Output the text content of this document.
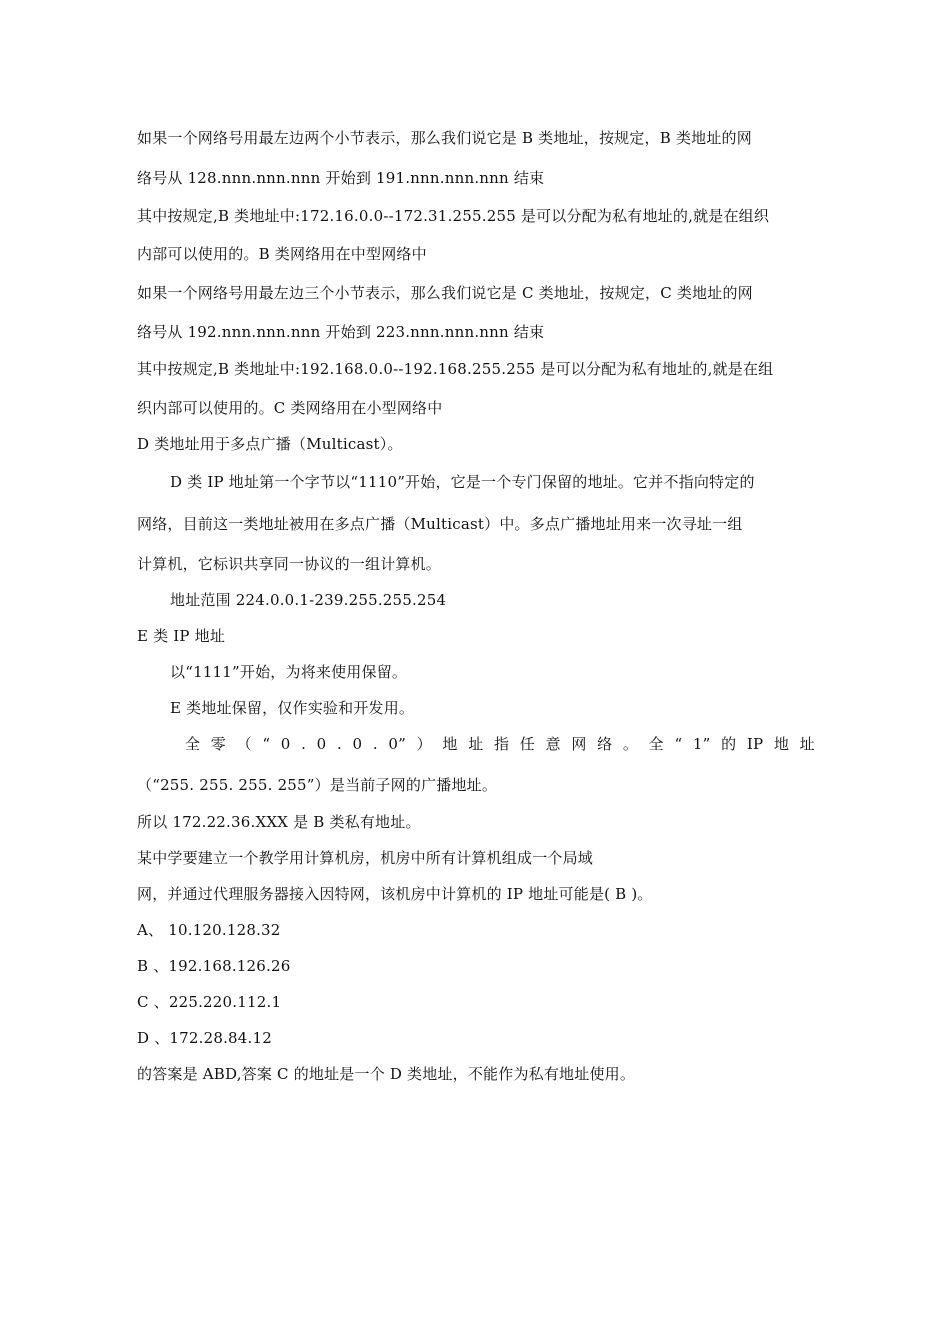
如果一个网络号用最左边两个小节表示，那么我们说它是 B 类地址，按规定，B 类地址的网
络号从 128.nnn.nnn.nnn 开始到 191.nnn.nnn.nnn 结束
其中按规定,B 类地址中:172.16.0.0--172.31.255.255 是可以分配为私有地址的,就是在组织
内部可以使用的。B 类网络用在中型网络中
如果一个网络号用最左边三个小节表示，那么我们说它是 C 类地址，按规定，C 类地址的网
络号从 192.nnn.nnn.nnn 开始到 223.nnn.nnn.nnn 结束
其中按规定,B 类地址中:192.168.0.0--192.168.255.255 是可以分配为私有地址的,就是在组
织内部可以使用的。C 类网络用在小型网络中
D 类地址用于多点广播（Multicast）。
D 类 IP 地址第一个字节以“1110”开始，它是一个专门保留的地址。它并不指向特定的
网络，目前这一类地址被用在多点广播（Multicast）中。多点广播地址用来一次寻址一组
计算机，它标识共享同一协议的一组计算机。
地址范围 224.0.0.1-239.255.255.254
E 类 IP 地址
以“1111”开始，为将来使用保留。
E 类地址保留，仅作实验和开发用。
全 零 （ “ 0 . 0 . 0 . 0” ） 地 址 指 任 意 网 络 。 全 “ 1” 的 IP 地 址
（“255. 255. 255. 255”）是当前子网的广播地址。
所以 172.22.36.XXX 是 B 类私有地址。
某中学要建立一个教学用计算机房，机房中所有计算机组成一个局域
网，并通过代理服务器接入因特网，该机房中计算机的 IP 地址可能是( B )。
A、 10.120.128.32
B 、192.168.126.26
C 、225.220.112.1
D 、172.28.84.12
的答案是 ABD,答案 C 的地址是一个 D 类地址，不能作为私有地址使用。
